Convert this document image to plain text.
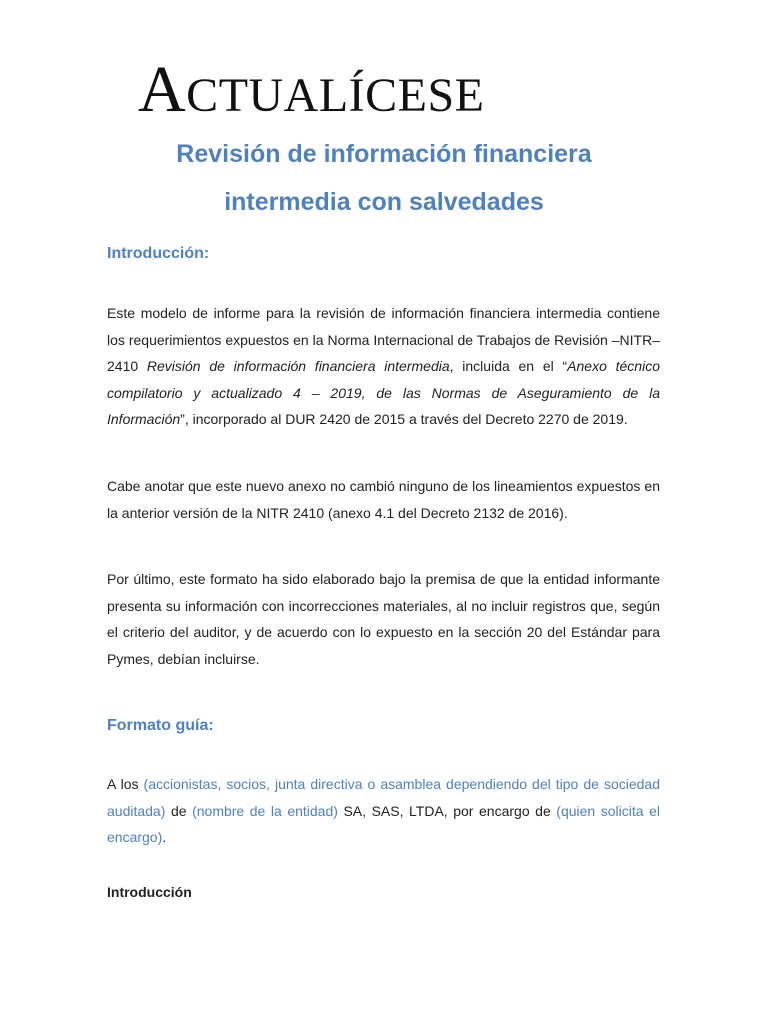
ACTUALÍCESE
Revisión de información financiera
intermedia con salvedades
Introducción:

Este modelo de informe para la revisión de información financiera intermedia contiene los requerimientos expuestos en la Norma Internacional de Trabajos de Revisión –NITR– 2410 Revisión de información financiera intermedia, incluida en el “Anexo técnico compilatorio y actualizado 4 – 2019, de las Normas de Aseguramiento de la Información”, incorporado al DUR 2420 de 2015 a través del Decreto 2270 de 2019.

Cabe anotar que este nuevo anexo no cambió ninguno de los lineamientos expuestos en la anterior versión de la NITR 2410 (anexo 4.1 del Decreto 2132 de 2016).

Por último, este formato ha sido elaborado bajo la premisa de que la entidad informante presenta su información con incorrecciones materiales, al no incluir registros que, según el criterio del auditor, y de acuerdo con lo expuesto en la sección 20 del Estándar para Pymes, debían incluirse.

Formato guía:

A los (accionistas, socios, junta directiva o asamblea dependiendo del tipo de sociedad auditada) de (nombre de la entidad) SA, SAS, LTDA, por encargo de (quien solicita el encargo).

Introducción
